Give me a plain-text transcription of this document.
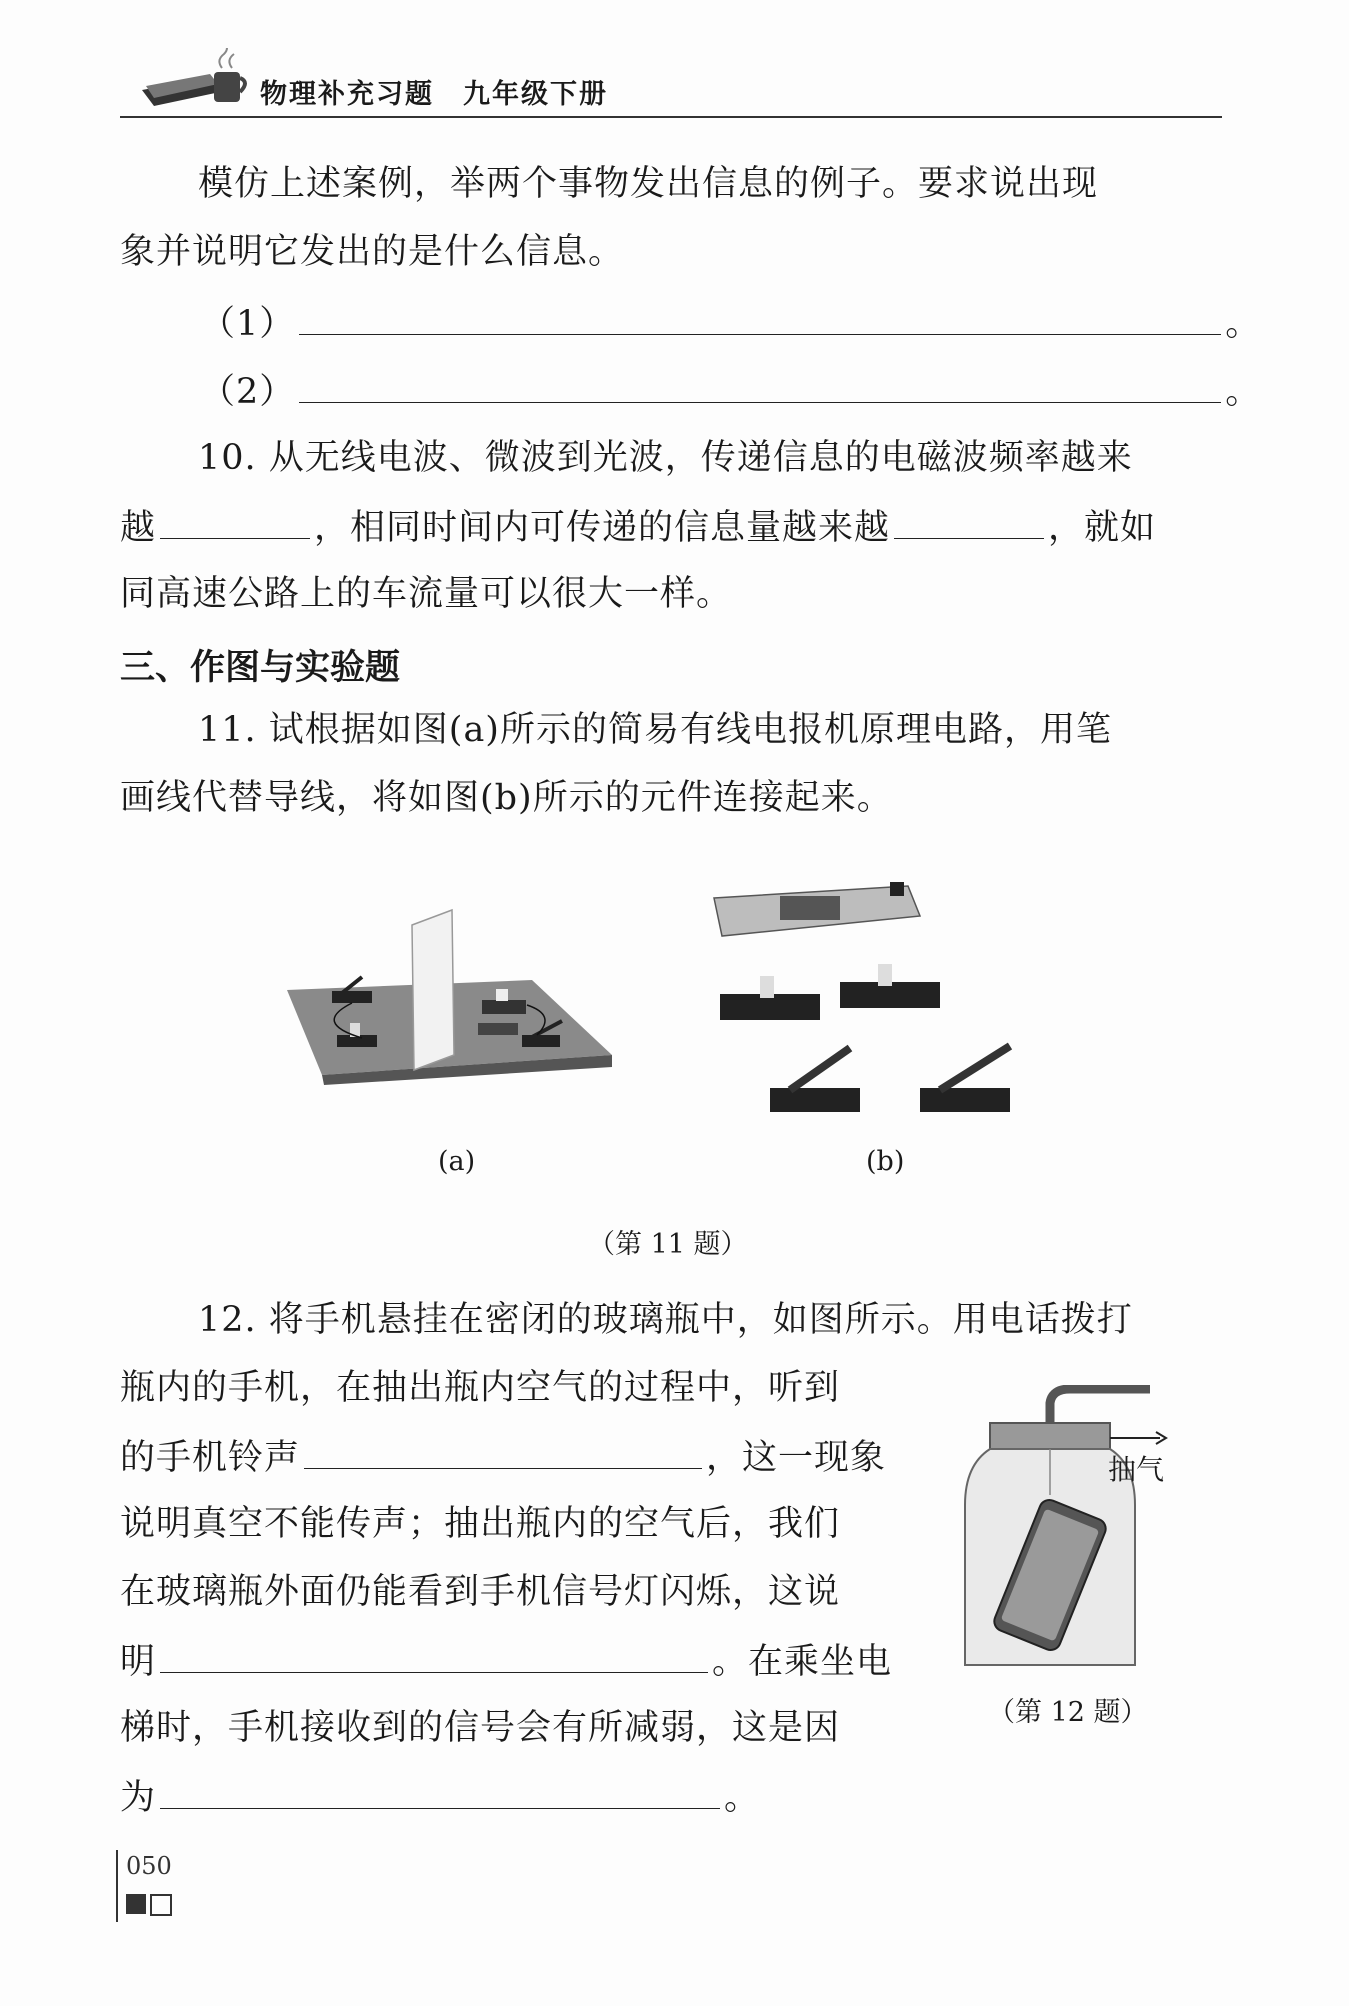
物理补充习题　九年级下册
模仿上述案例，举两个事物发出信息的例子。要求说出现
象并说明它发出的是什么信息。
（1）	。
（2）	。
10. 从无线电波、微波到光波，传递信息的电磁波频率越来
越	，相同时间内可传递的信息量越来越	，就如
同高速公路上的车流量可以很大一样。
三、作图与实验题
11. 试根据如图(a)所示的简易有线电报机原理电路，用笔
画线代替导线，将如图(b)所示的元件连接起来。
(a)	(b)
（第 11 题）
12. 将手机悬挂在密闭的玻璃瓶中，如图所示。用电话拨打
瓶内的手机，在抽出瓶内空气的过程中，听到
的手机铃声	，这一现象
说明真空不能传声；抽出瓶内的空气后，我们
在玻璃瓶外面仍能看到手机信号灯闪烁，这说
明	。在乘坐电
梯时，手机接收到的信号会有所减弱，这是因
为	。
抽气
（第 12 题）
050
